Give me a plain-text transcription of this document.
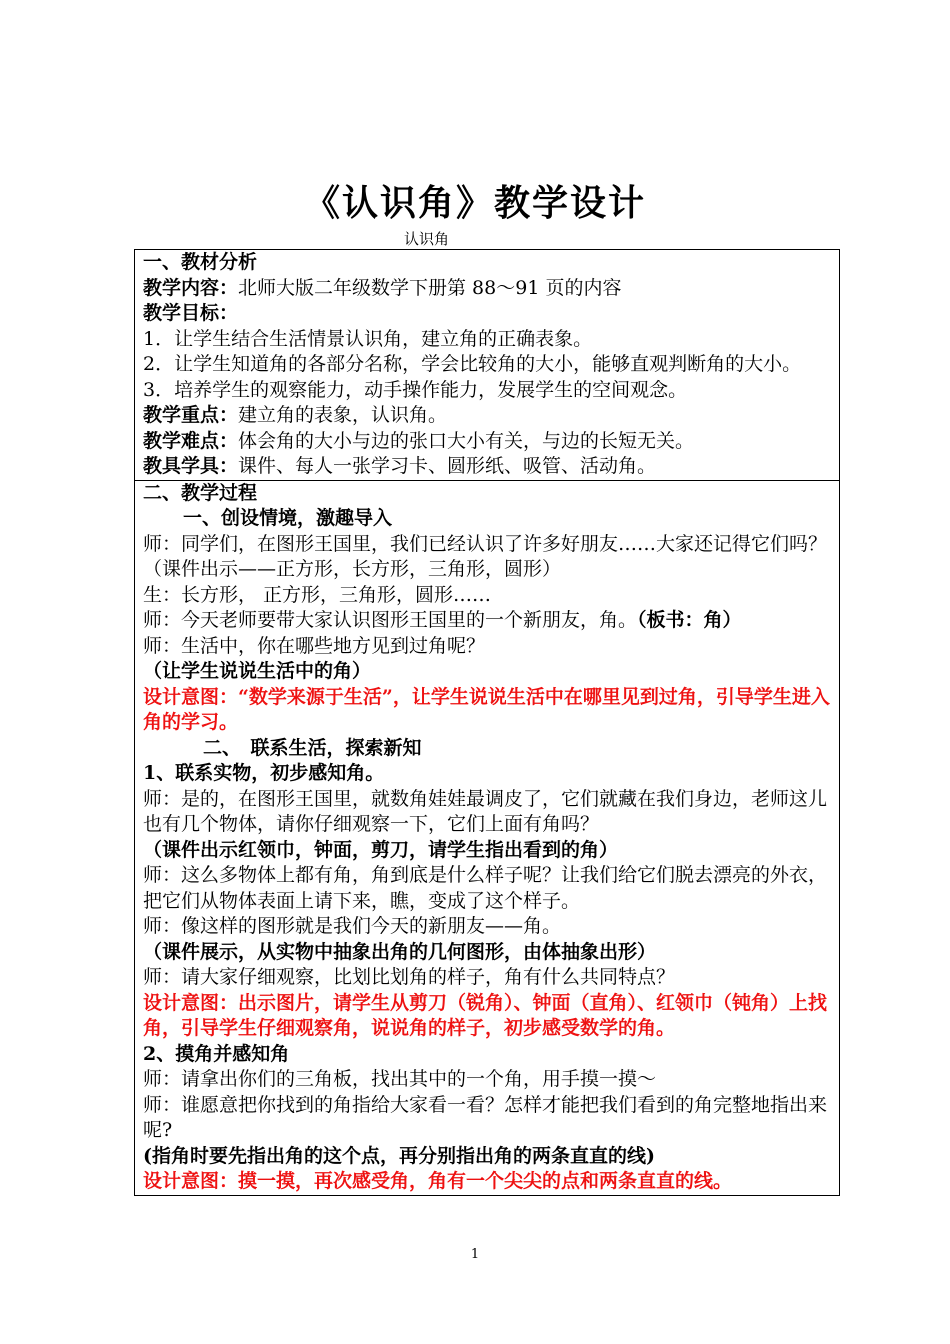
《认识角》教学设计
认识角
一、教材分析
教学内容：北师大版二年级数学下册第 88～91 页的内容
教学目标：
1．让学生结合生活情景认识角，建立角的正确表象。
2．让学生知道角的各部分名称，学会比较角的大小，能够直观判断角的大小。
3．培养学生的观察能力，动手操作能力，发展学生的空间观念。
教学重点：建立角的表象，认识角。
教学难点：体会角的大小与边的张口大小有关，与边的长短无关。
教具学具：课件、每人一张学习卡、圆形纸、吸管、活动角。
二、教学过程
一、创设情境，激趣导入
师：同学们，在图形王国里，我们已经认识了许多好朋友……大家还记得它们吗？（课件出示——正方形，长方形，三角形，圆形）
生：长方形， 正方形，三角形，圆形……
师：今天老师要带大家认识图形王国里的一个新朋友，角。（板书：角）
师：生活中，你在哪些地方见到过角呢？
（让学生说说生活中的角）
设计意图：“数学来源于生活”，让学生说说生活中在哪里见到过角，引导学生进入角的学习。
二、　联系生活，探索新知
1、联系实物，初步感知角。
师：是的，在图形王国里，就数角娃娃最调皮了，它们就藏在我们身边，老师这儿也有几个物体，请你仔细观察一下，它们上面有角吗？
（课件出示红领巾，钟面，剪刀，请学生指出看到的角）
师：这么多物体上都有角，角到底是什么样子呢？让我们给它们脱去漂亮的外衣，把它们从物体表面上请下来，瞧，变成了这个样子。
师：像这样的图形就是我们今天的新朋友——角。
（课件展示，从实物中抽象出角的几何图形，由体抽象出形）
师：请大家仔细观察，比划比划角的样子，角有什么共同特点？
设计意图：出示图片，请学生从剪刀（锐角）、钟面（直角）、红领巾（钝角）上找角，引导学生仔细观察角，说说角的样子，初步感受数学的角。
2、摸角并感知角
师：请拿出你们的三角板，找出其中的一个角，用手摸一摸～
师：谁愿意把你找到的角指给大家看一看？怎样才能把我们看到的角完整地指出来呢?
(指角时要先指出角的这个点，再分别指出角的两条直直的线)
设计意图：摸一摸，再次感受角，角有一个尖尖的点和两条直直的线。
1
